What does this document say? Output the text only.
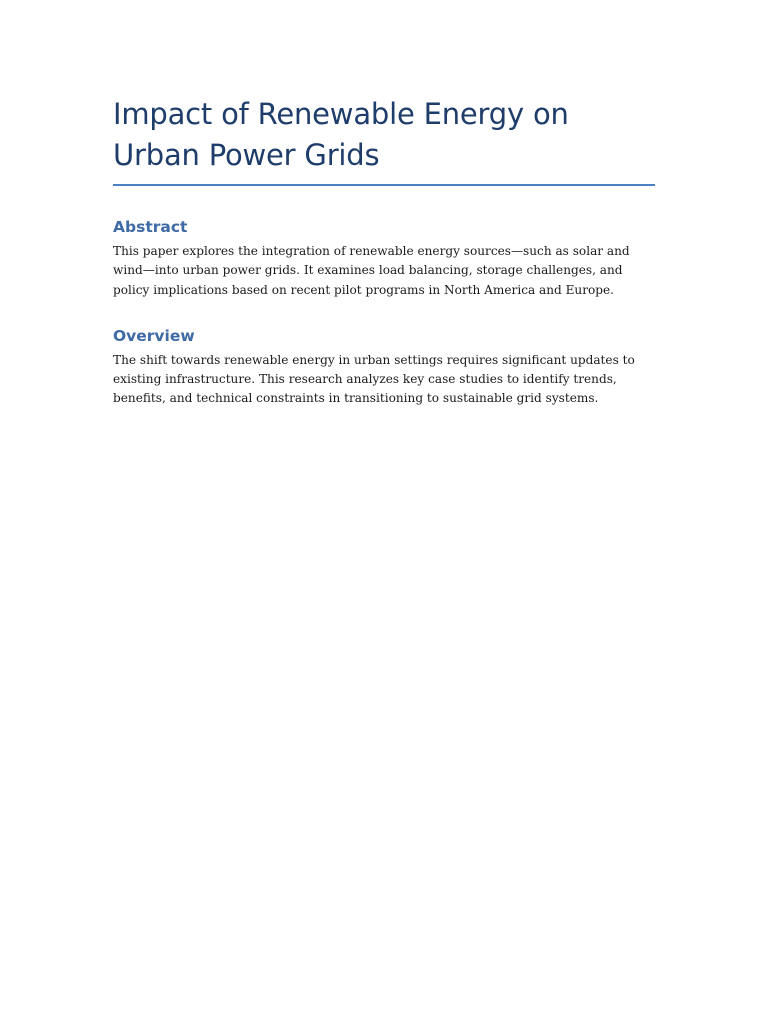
Impact of Renewable Energy on Urban Power Grids
Abstract

This paper explores the integration of renewable energy sources—such as solar and wind—into urban power grids. It examines load balancing, storage challenges, and policy implications based on recent pilot programs in North America and Europe.

Overview

The shift towards renewable energy in urban settings requires significant updates to existing infrastructure. This research analyzes key case studies to identify trends, benefits, and technical constraints in transitioning to sustainable grid systems.
